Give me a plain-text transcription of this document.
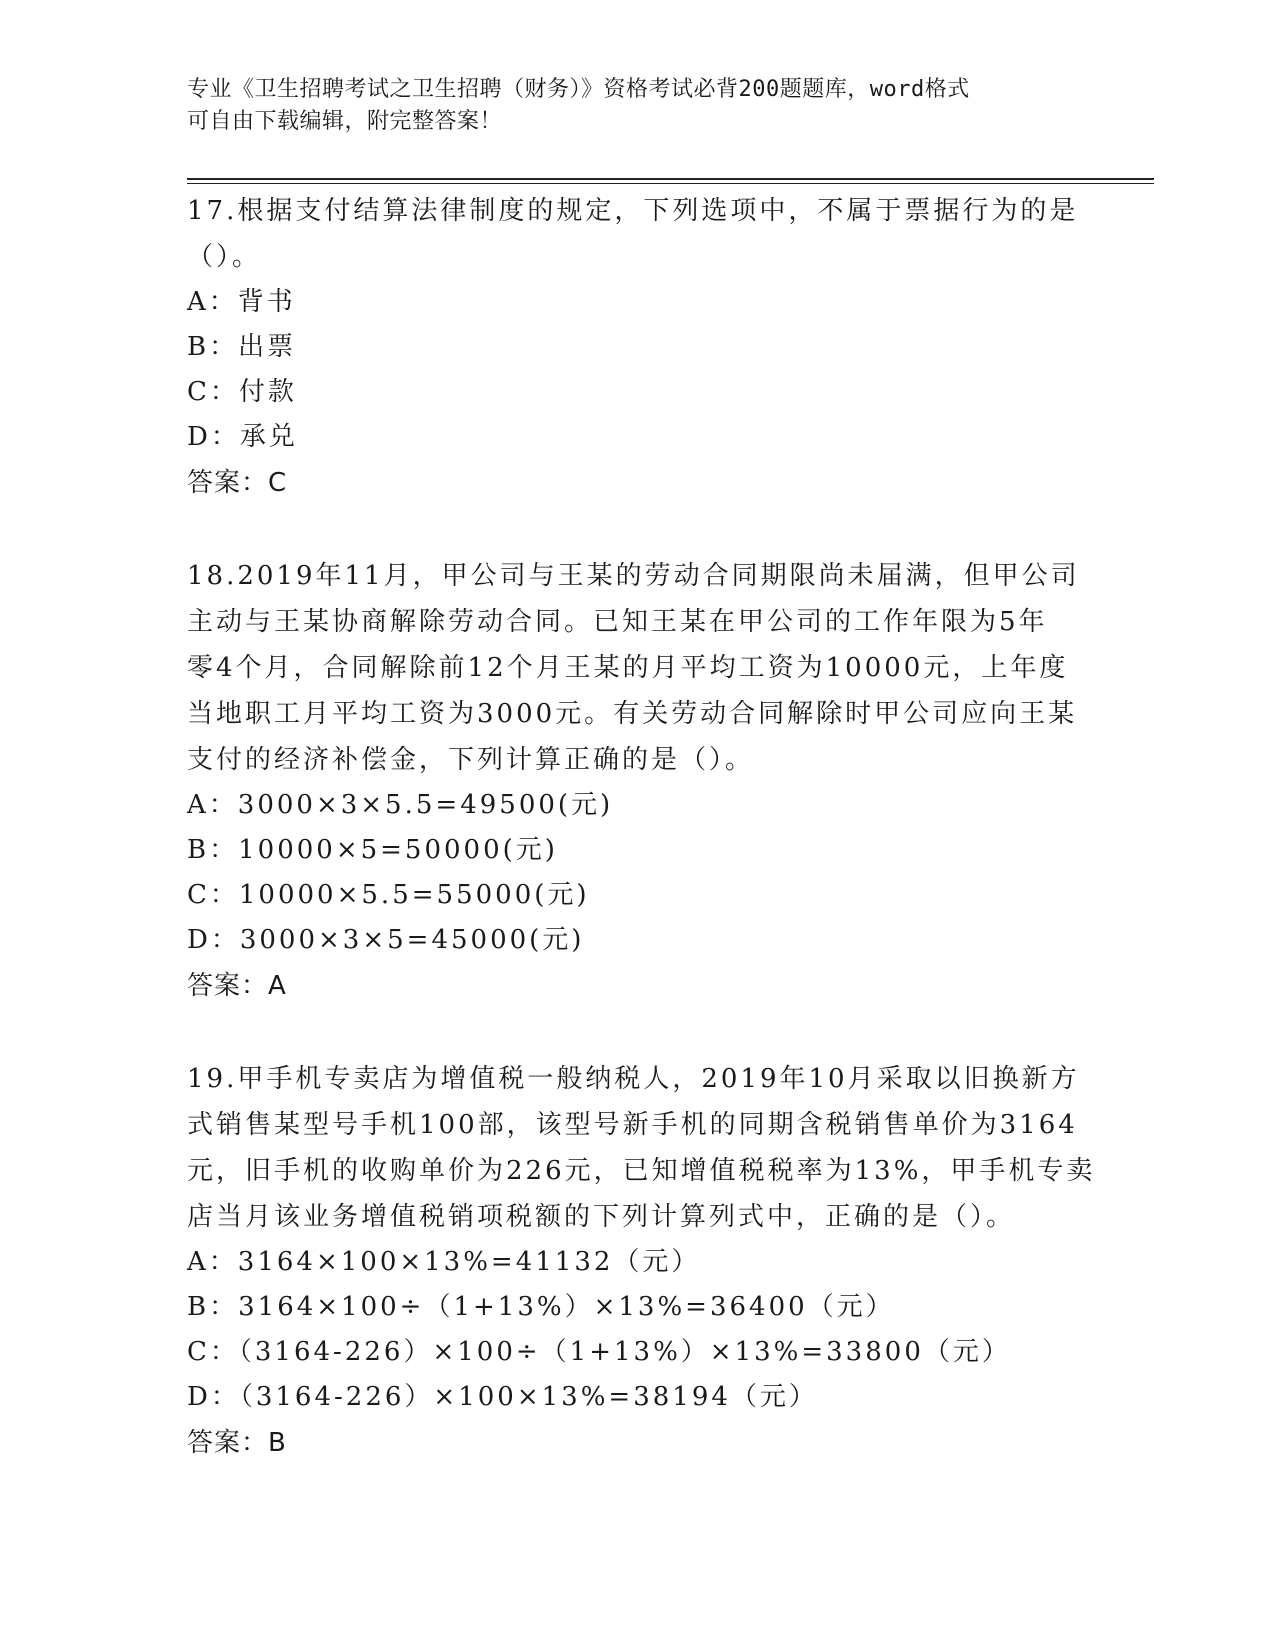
专业《卫生招聘考试之卫生招聘（财务）》资格考试必背200题题库，word格式
可自由下载编辑，附完整答案！
17.根据支付结算法律制度的规定，下列选项中，不属于票据行为的是
（）。
A：背书
B：出票
C：付款
D：承兑
答案：C
18.2019年11月，甲公司与王某的劳动合同期限尚未届满，但甲公司
主动与王某协商解除劳动合同。已知王某在甲公司的工作年限为5年
零4个月，合同解除前12个月王某的月平均工资为10000元，上年度
当地职工月平均工资为3000元。有关劳动合同解除时甲公司应向王某
支付的经济补偿金，下列计算正确的是（）。
A：3000×3×5.5=49500(元)
B：10000×5=50000(元)
C：10000×5.5=55000(元)
D：3000×3×5=45000(元)
答案：A
19.甲手机专卖店为增值税一般纳税人，2019年10月采取以旧换新方
式销售某型号手机100部，该型号新手机的同期含税销售单价为3164
元，旧手机的收购单价为226元，已知增值税税率为13%，甲手机专卖
店当月该业务增值税销项税额的下列计算列式中，正确的是（）。
A：3164×100×13%=41132（元）
B：3164×100÷（1+13%）×13%=36400（元）
C：（3164-226）×100÷（1+13%）×13%=33800（元）
D：（3164-226）×100×13%=38194（元）
答案：B
